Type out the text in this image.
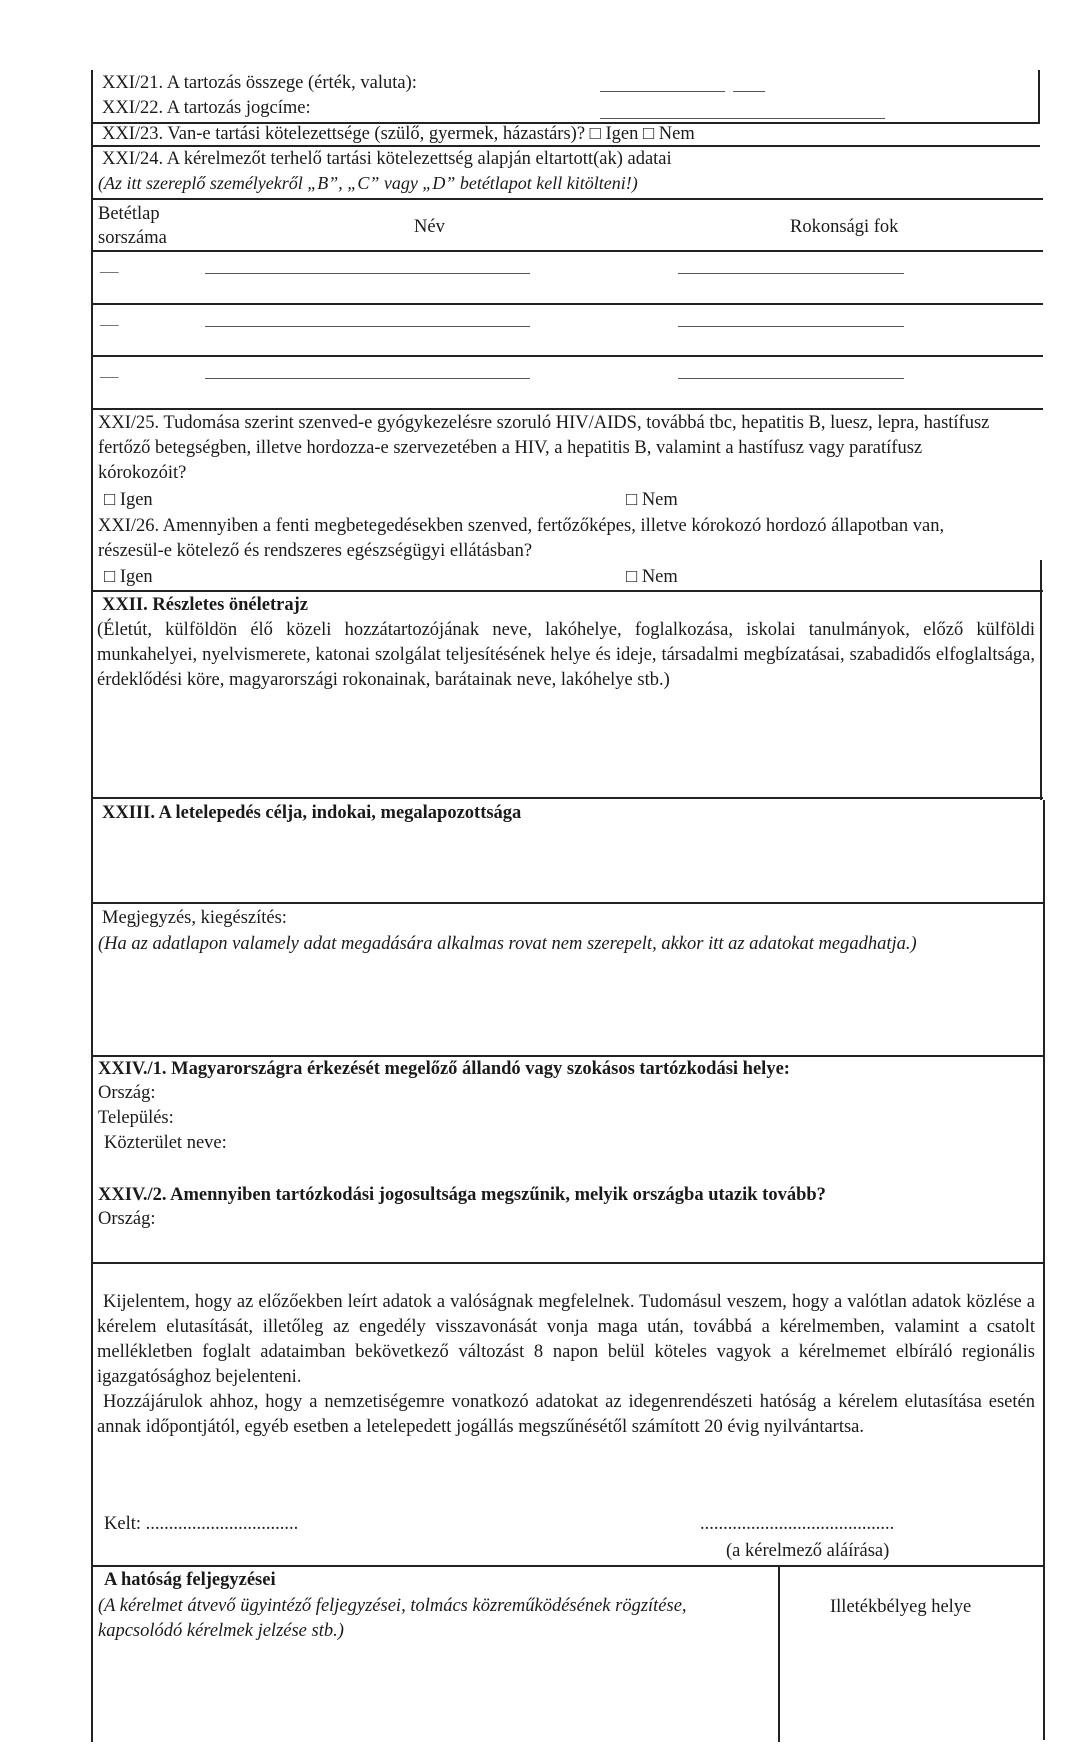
XXI/21. A tartozás összege (érték, valuta):
XXI/22. A tartozás jogcíme:
XXI/23. Van-e tartási kötelezettsége (szülő, gyermek, házastárs)? □ Igen □ Nem
XXI/24. A kérelmezőt terhelő tartási kötelezettség alapján eltartott(ak) adatai
(Az itt szereplő személyekről „B”, „C” vagy „D” betétlapot kell kitölteni!)
Betétlap
sorszáma
Név	Rokonsági fok
—
—
—
XXI/25. Tudomása szerint szenved-e gyógykezelésre szoruló HIV/AIDS, továbbá tbc, hepatitis B, luesz, lepra, hastífusz fertőző betegségben, illetve hordozza-e szervezetében a HIV, a hepatitis B, valamint a hastífusz vagy paratífusz kórokozóit?
□ Igen	□ Nem
XXI/26. Amennyiben a fenti megbetegedésekben szenved, fertőzőképes, illetve kórokozó hordozó állapotban van, részesül-e kötelező és rendszeres egészségügyi ellátásban?
□ Igen	□ Nem
XXII. Részletes önéletrajz
(Életút, külföldön élő közeli hozzátartozójának neve, lakóhelye, foglalkozása, iskolai tanulmányok, előző külföldi munkahelyei, nyelvismerete, katonai szolgálat teljesítésének helye és ideje, társadalmi megbízatásai, szabadidős elfoglaltsága, érdeklődési köre, magyarországi rokonainak, barátainak neve, lakóhelye stb.)
XXIII. A letelepedés célja, indokai, megalapozottsága
Megjegyzés, kiegészítés:
(Ha az adatlapon valamely adat megadására alkalmas rovat nem szerepelt, akkor itt az adatokat megadhatja.)
XXIV./1. Magyarországra érkezését megelőző állandó vagy szokásos tartózkodási helye:
Ország:
Település:
Közterület neve:
XXIV./2. Amennyiben tartózkodási jogosultsága megszűnik, melyik országba utazik tovább?
Ország:
Kijelentem, hogy az előzőekben leírt adatok a valóságnak megfelelnek. Tudomásul veszem, hogy a valótlan adatok közlése a kérelem elutasítását, illetőleg az engedély visszavonását vonja maga után, továbbá a kérelmemben, valamint a csatolt mellékletben foglalt adataimban bekövetkező változást 8 napon belül köteles vagyok a kérelmemet elbíráló regionális igazgatósághoz bejelenteni.
Hozzájárulok ahhoz, hogy a nemzetiségemre vonatkozó adatokat az idegenrendészeti hatóság a kérelem elutasítása esetén annak időpontjától, egyéb esetben a letelepedett jogállás megszűnésétől számított 20 évig nyilvántartsa.
Kelt: .................................	..........................................
(a kérelmező aláírása)
A hatóság feljegyzései
(A kérelmet átvevő ügyintéző feljegyzései, tolmács közreműködésének rögzítése, kapcsolódó kérelmek jelzése stb.)
Illetékbélyeg helye
